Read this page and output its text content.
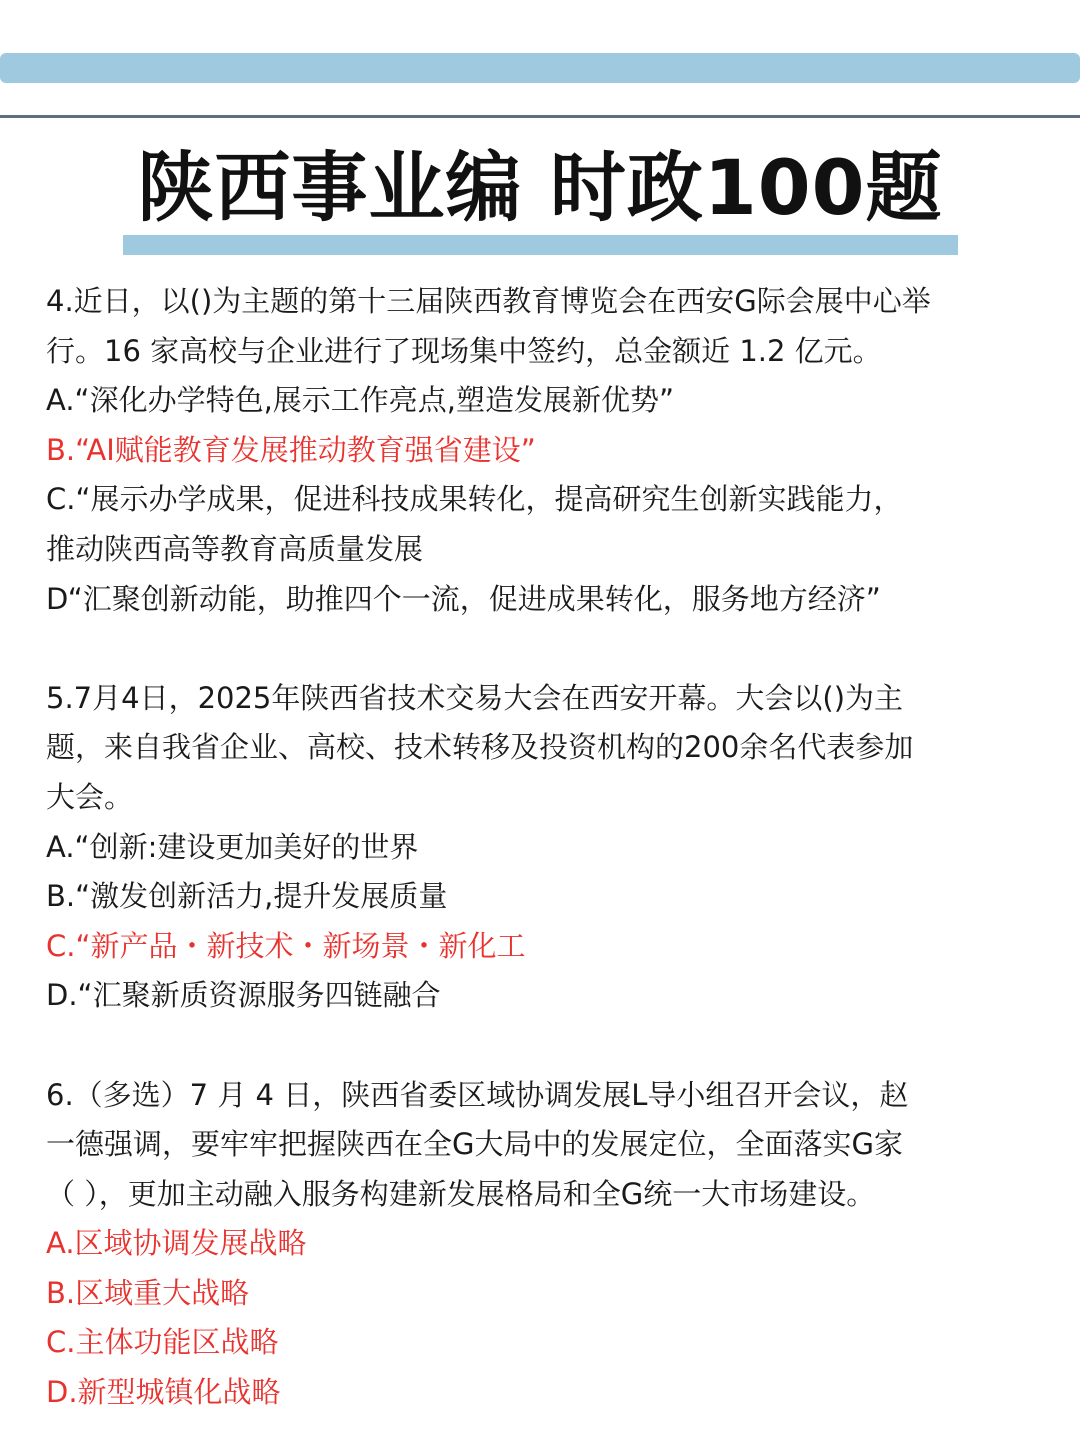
陕西事业编 时政100题
4.近日，以()为主题的第十三届陕西教育博览会在西安G际会展中心举
行。16 家高校与企业进行了现场集中签约，总金额近 1.2 亿元。
A.“深化办学特色,展示工作亮点,塑造发展新优势”
B.“AI赋能教育发展推动教育强省建设”
C.“展示办学成果，促进科技成果转化，提高研究生创新实践能力，
推动陕西高等教育高质量发展
D“汇聚创新动能，助推四个一流，促进成果转化，服务地方经济”
5.7月4日，2025年陕西省技术交易大会在西安开幕。大会以()为主
题，来自我省企业、高校、技术转移及投资机构的200余名代表参加
大会。
A.“创新:建设更加美好的世界
B.“激发创新活力,提升发展质量
C.“新产品・新技术・新场景・新化工
D.“汇聚新质资源服务四链融合
6.（多选）7 月 4 日，陕西省委区域协调发展L导小组召开会议，赵
一德强调，要牢牢把握陕西在全G大局中的发展定位，全面落实G家
（ ），更加主动融入服务构建新发展格局和全G统一大市场建设。
A.区域协调发展战略
B.区域重大战略
C.主体功能区战略
D.新型城镇化战略
